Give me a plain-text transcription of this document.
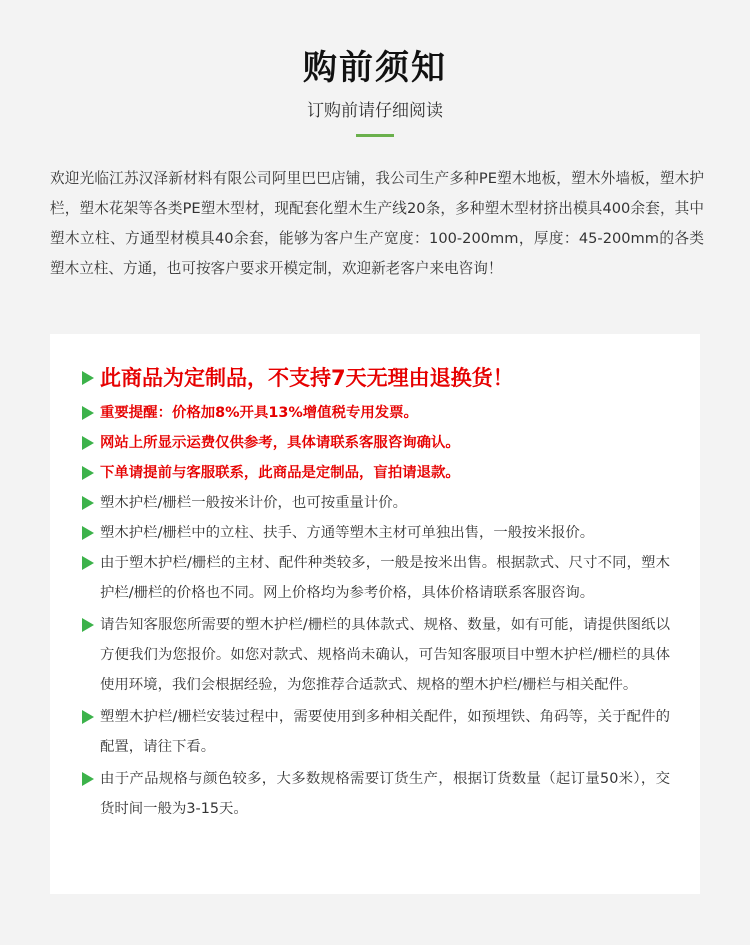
购前须知
订购前请仔细阅读
欢迎光临江苏汉泽新材料有限公司阿里巴巴店铺，我公司生产多种PE塑木地板，塑木外墙板，塑木护栏，塑木花架等各类PE塑木型材，现配套化塑木生产线20条，多种塑木型材挤出模具400余套，其中塑木立柱、方通型材模具40余套，能够为客户生产宽度：100-200mm，厚度：45-200mm的各类塑木立柱、方通，也可按客户要求开模定制，欢迎新老客户来电咨询！
此商品为定制品，不支持7天无理由退换货！
重要提醒：价格加8%开具13%增值税专用发票。
网站上所显示运费仅供参考，具体请联系客服咨询确认。
下单请提前与客服联系，此商品是定制品，盲拍请退款。
塑木护栏/栅栏一般按米计价，也可按重量计价。
塑木护栏/栅栏中的立柱、扶手、方通等塑木主材可单独出售，一般按米报价。
由于塑木护栏/栅栏的主材、配件种类较多，一般是按米出售。根据款式、尺寸不同，塑木护栏/栅栏的价格也不同。网上价格均为参考价格，具体价格请联系客服咨询。
请告知客服您所需要的塑木护栏/栅栏的具体款式、规格、数量，如有可能，请提供图纸以方便我们为您报价。如您对款式、规格尚未确认，可告知客服项目中塑木护栏/栅栏的具体使用环境，我们会根据经验，为您推荐合适款式、规格的塑木护栏/栅栏与相关配件。
塑塑木护栏/栅栏安装过程中，需要使用到多种相关配件，如预埋铁、角码等，关于配件的配置，请往下看。
由于产品规格与颜色较多，大多数规格需要订货生产，根据订货数量（起订量50米），交货时间一般为3-15天。
